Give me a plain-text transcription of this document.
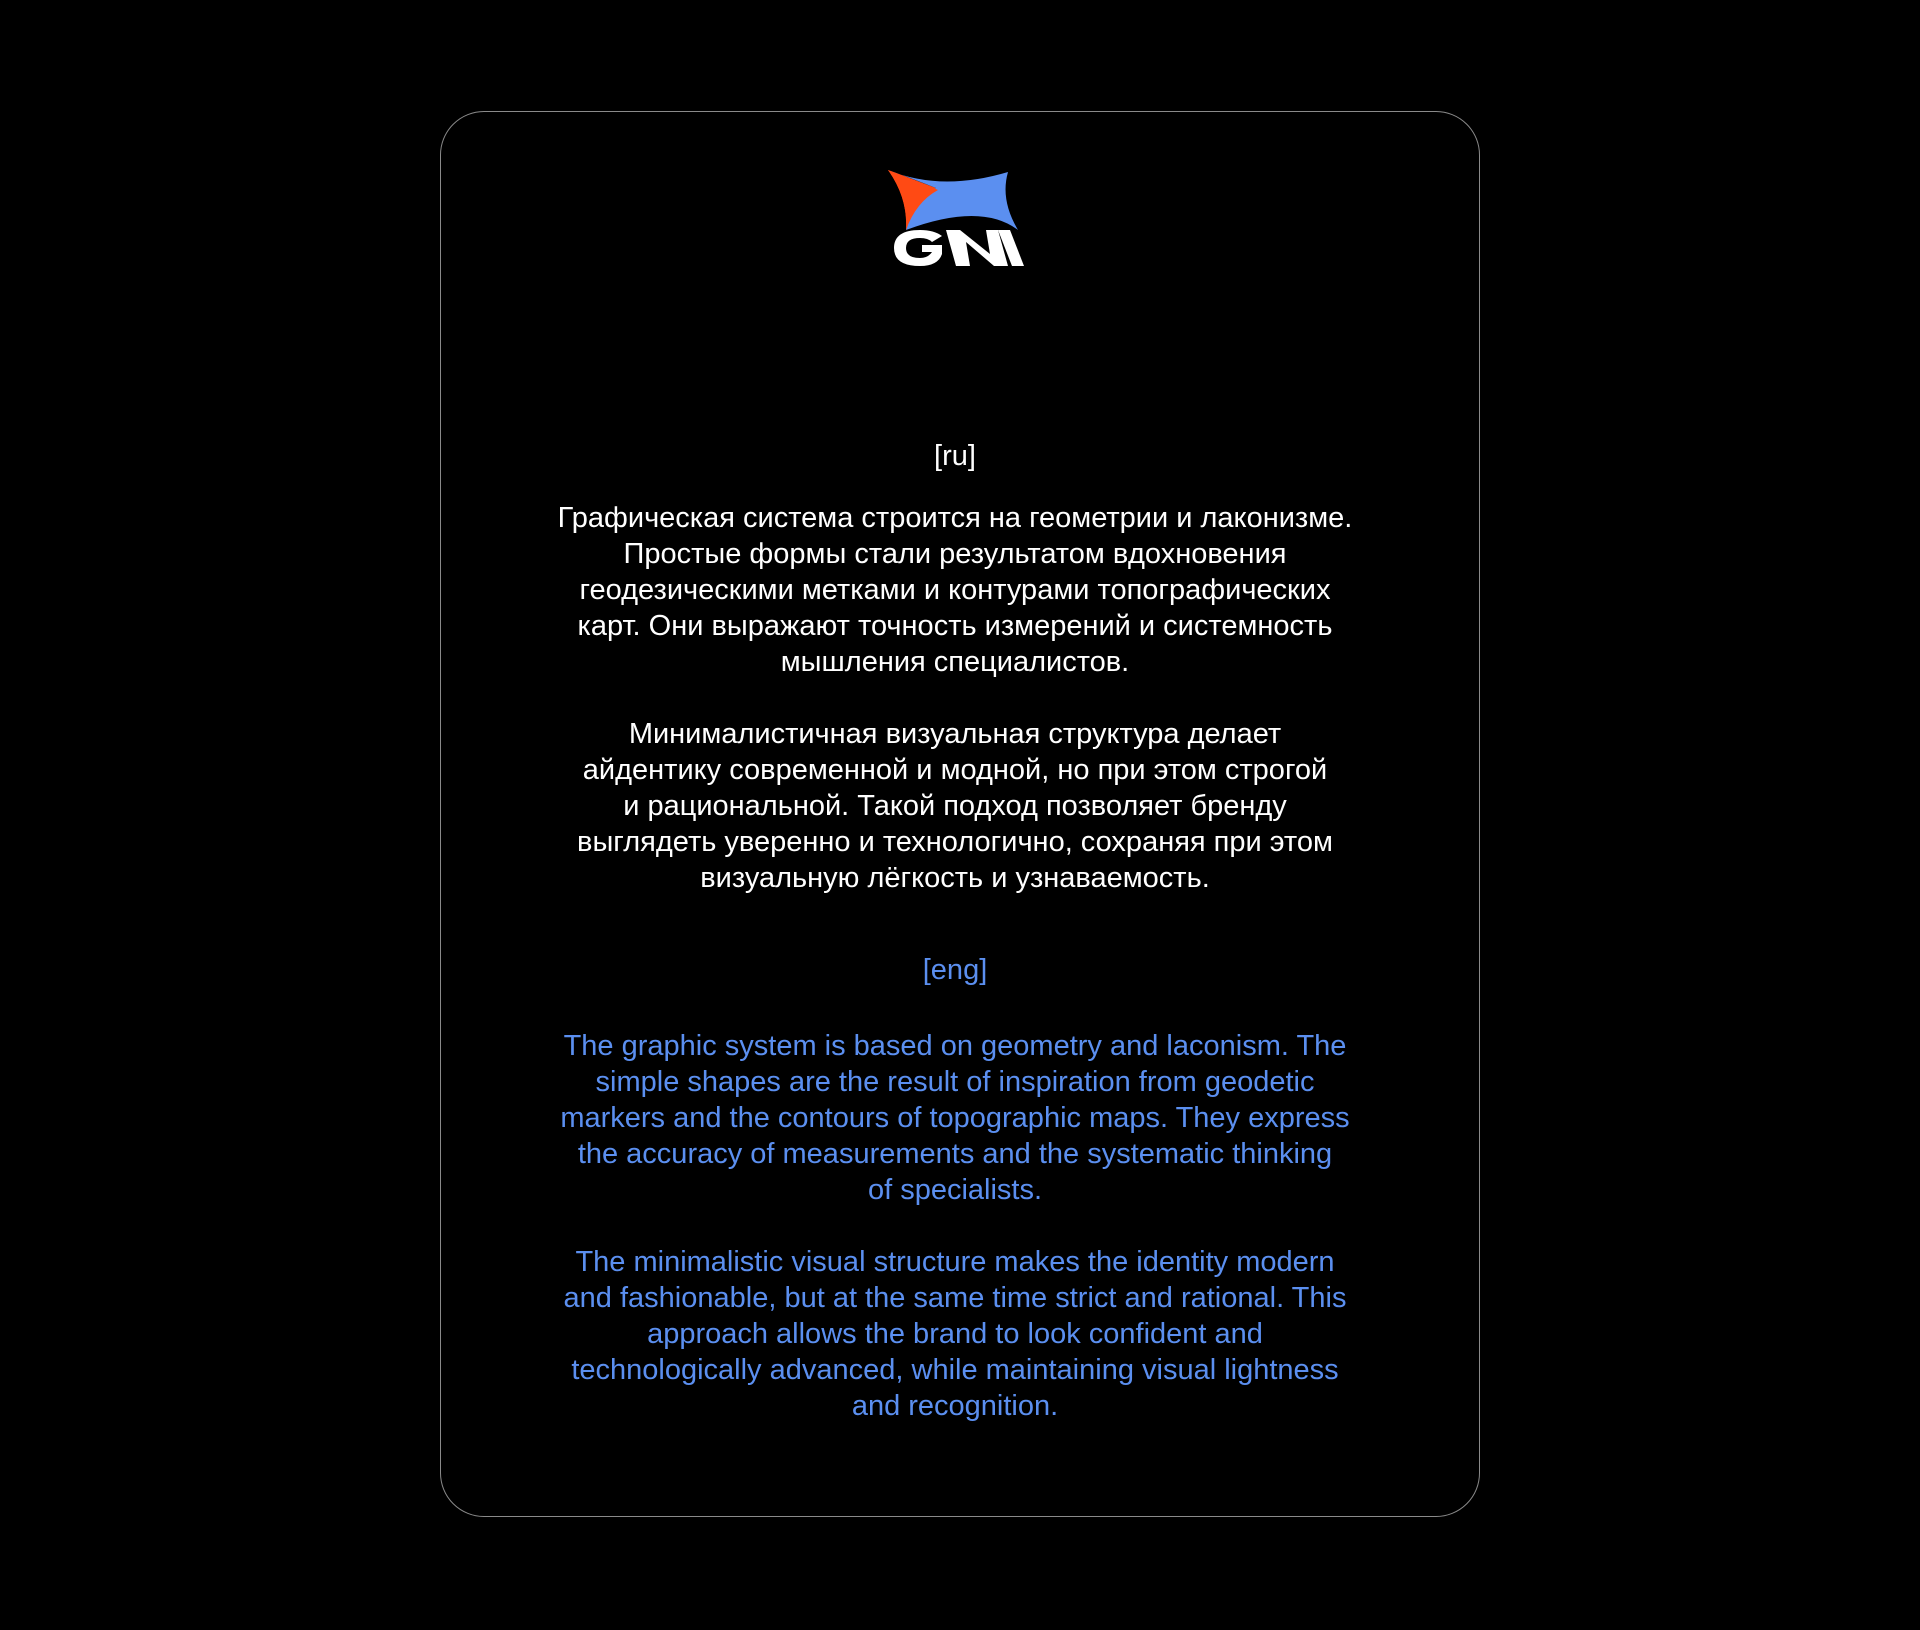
[ru]
Графическая система строится на геометрии и лаконизме.
Простые формы стали результатом вдохновения
геодезическими метками и контурами топографических
карт. Они выражают точность измерений и системность
мышления специалистов.
Минималистичная визуальная структура делает
айдентику современной и модной, но при этом строгой
и рациональной. Такой подход позволяет бренду
выглядеть уверенно и технологично, сохраняя при этом
визуальную лёгкость и узнаваемость.
[eng]
The graphic system is based on geometry and laconism. The
simple shapes are the result of inspiration from geodetic
markers and the contours of topographic maps. They express
the accuracy of measurements and the systematic thinking
of specialists.
The minimalistic visual structure makes the identity modern
and fashionable, but at the same time strict and rational. This
approach allows the brand to look confident and
technologically advanced, while maintaining visual lightness
and recognition.
